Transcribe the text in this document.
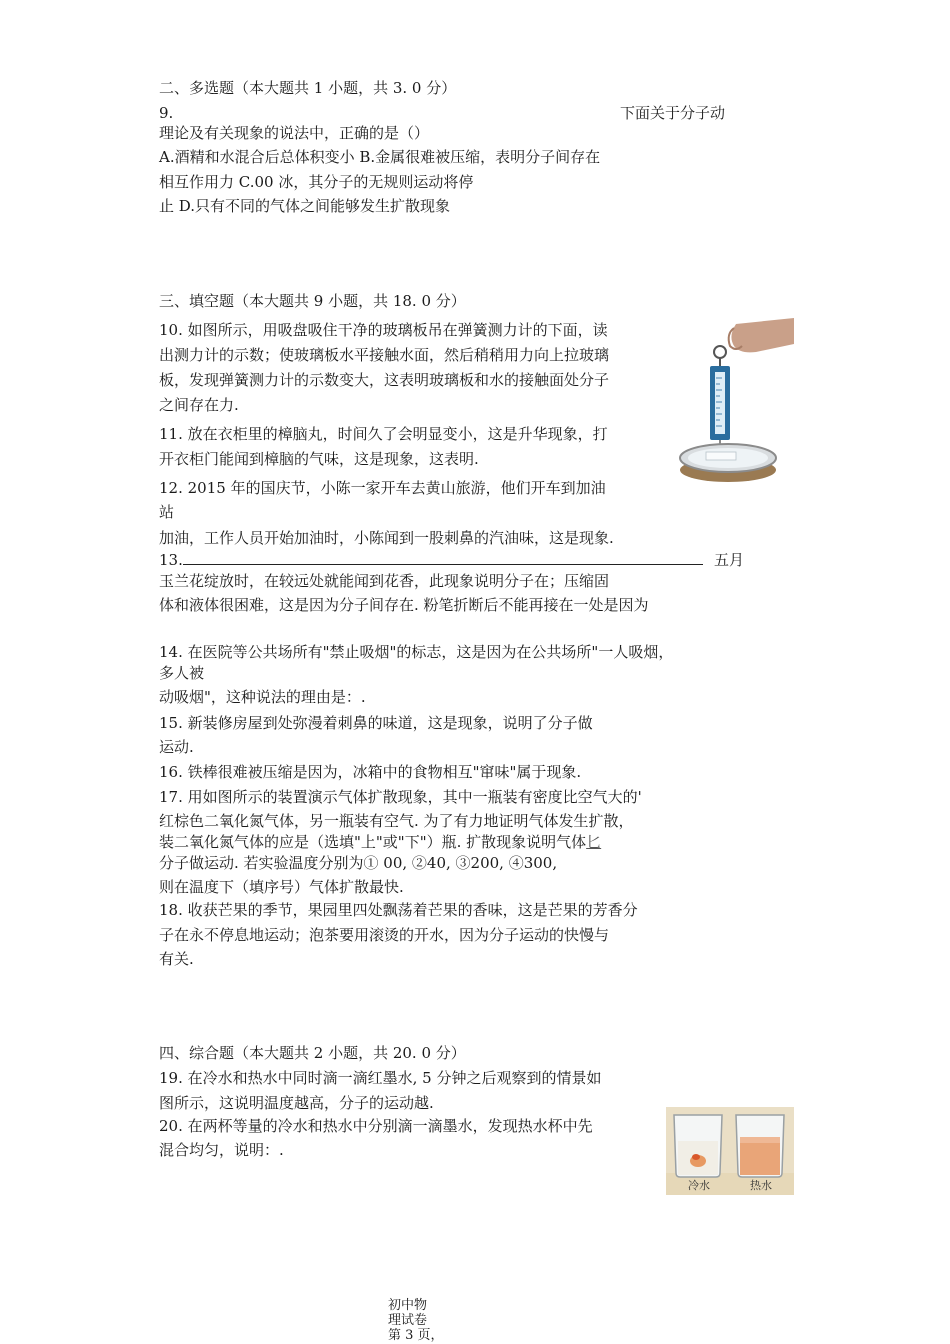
二、多选题（本大题共 1 小题，共 3. 0 分）
9.	下面关于分子动
理论及有关现象的说法中，正确的是（）
A.酒精和水混合后总体积变小 B.金属很难被压缩，表明分子间存在
相互作用力 C.00 冰，其分子的无规则运动将停
止 D.只有不同的气体之间能够发生扩散现象
三、填空题（本大题共 9 小题，共 18. 0 分）
10. 如图所示，用吸盘吸住干净的玻璃板吊在弹簧测力计的下面，读
出测力计的示数；使玻璃板水平接触水面，然后稍稍用力向上拉玻璃
板，发现弹簧测力计的示数变大，这表明玻璃板和水的接触面处分子
之间存在力.
11. 放在衣柜里的樟脑丸，时间久了会明显变小，这是升华现象，打
开衣柜门能闻到樟脑的气味，这是现象，这表明.
12. 2015 年的国庆节，小陈一家开车去黄山旅游，他们开车到加油
站
加油，工作人员开始加油时，小陈闻到一股刺鼻的汽油味，这是现象.
13.	五月
玉兰花绽放时，在较远处就能闻到花香，此现象说明分子在；压缩固
体和液体很困难，这是因为分子间存在. 粉笔折断后不能再接在一处是因为
14. 在医院等公共场所有"禁止吸烟"的标志，这是因为在公共场所"一人吸烟，
多人被
动吸烟"，这种说法的理由是：.
15. 新装修房屋到处弥漫着刺鼻的味道，这是现象，说明了分子做
运动.
16. 铁棒很难被压缩是因为，冰箱中的食物相互"窜味"属于现象.
17. 用如图所示的装置演示气体扩散现象，其中一瓶装有密度比空气大的'
红棕色二氧化氮气体，另一瓶装有空气. 为了有力地证明气体发生扩散，
装二氧化氮气体的应是（选填"上"或"下"）瓶. 扩散现象说明气体匕
分子做运动. 若实验温度分别为① 00, ②40, ③200, ④300,
则在温度下（填序号）气体扩散最快.
18. 收获芒果的季节，果园里四处飘荡着芒果的香味，这是芒果的芳香分
子在永不停息地运动；泡茶要用滚烫的开水，因为分子运动的快慢与
有关.
四、综合题（本大题共 2 小题，共 20. 0 分）
19. 在冷水和热水中同时滴一滴红墨水, 5 分钟之后观察到的情景如
图所示，这说明温度越高，分子的运动越.
20. 在两杯等量的冷水和热水中分别滴一滴墨水，发现热水杯中先
混合均匀，说明：.
冷水	热水
初中物
理试卷
第 3 页，
